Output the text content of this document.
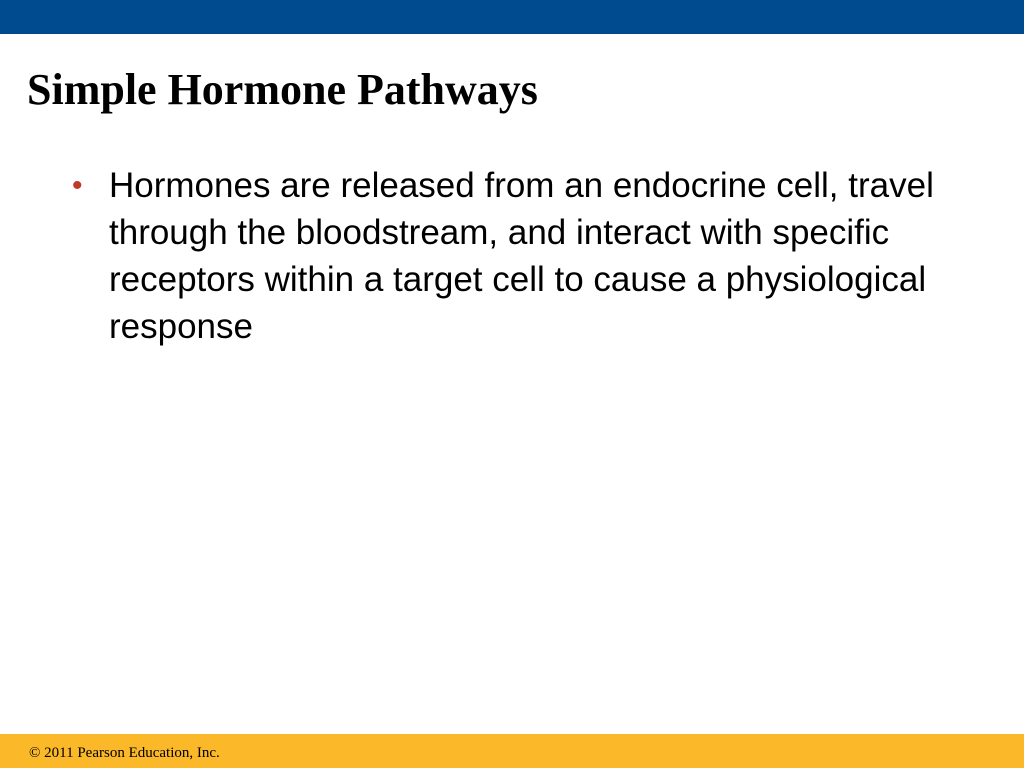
Simple Hormone Pathways
• Hormones are released from an endocrine cell, travel through the bloodstream, and interact with specific receptors within a target cell to cause a physiological response
© 2011 Pearson Education, Inc.
